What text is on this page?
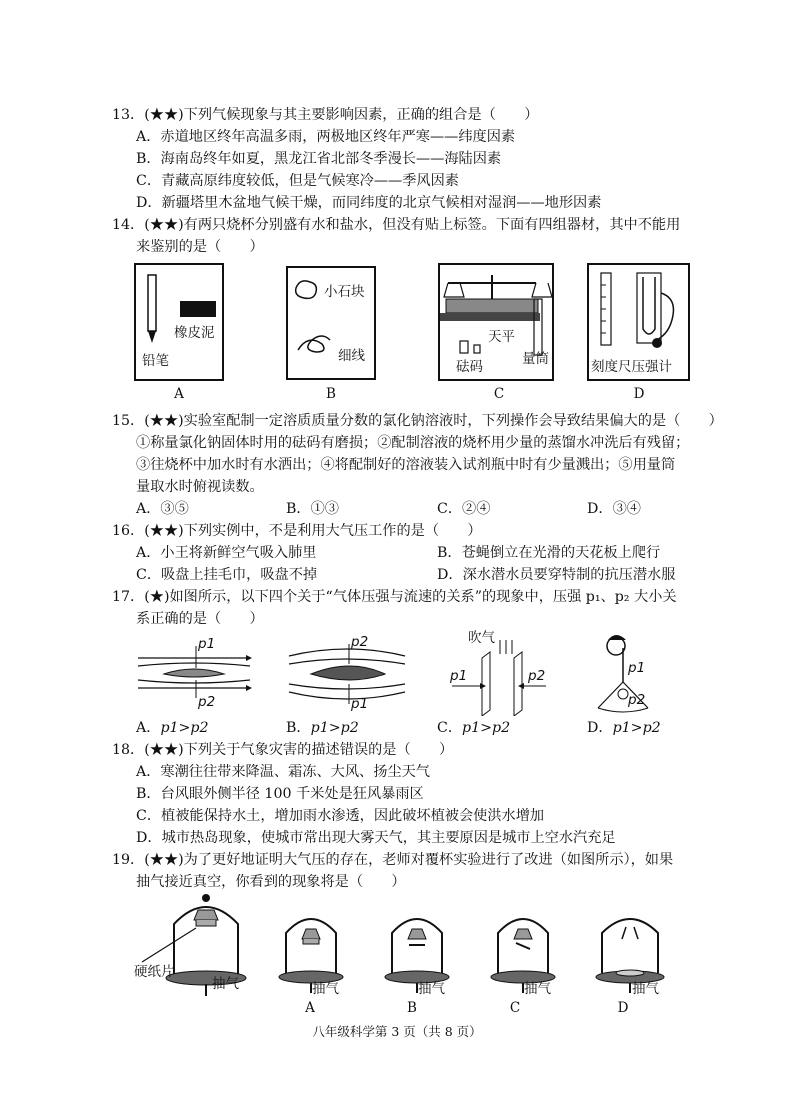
13．(★★)下列气候现象与其主要影响因素，正确的组合是（　　）
A．赤道地区终年高温多雨，两极地区终年严寒——纬度因素
B．海南岛终年如夏，黑龙江省北部冬季漫长——海陆因素
C．青藏高原纬度较低，但是气候寒冷——季风因素
D．新疆塔里木盆地气候干燥，而同纬度的北京气候相对湿润——地形因素
14．(★★)有两只烧杯分别盛有水和盐水，但没有贴上标签。下面有四组器材，其中不能用
来鉴别的是（　　）
橡皮泥
铅笔
A
小石块
细线
B
天平
砝码	量筒
C
刻度尺压强计
D
15．(★★)实验室配制一定溶质质量分数的氯化钠溶液时，下列操作会导致结果偏大的是（　　）
①称量氯化钠固体时用的砝码有磨损；②配制溶液的烧杯用少量的蒸馏水冲洗后有残留；
③往烧杯中加水时有水洒出；④将配制好的溶液装入试剂瓶中时有少量溅出；⑤用量筒
量取水时俯视读数。
A．③⑤	B．①③	C．②④	D．③④
16．(★★)下列实例中，不是利用大气压工作的是（　　）
A．小王将新鲜空气吸入肺里	B．苍蝇倒立在光滑的天花板上爬行
C．吸盘上挂毛巾，吸盘不掉	D．深水潜水员要穿特制的抗压潜水服
17．(★)如图所示，以下四个关于“气体压强与流速的关系”的现象中，压强 p₁、p₂ 大小关
系正确的是（　　）
p1
p2
p2
p1
吹气
p1	p2	p1
p2
A．p1>p2	B．p1>p2	C．p1>p2	D．p1>p2
18．(★★)下列关于气象灾害的描述错误的是（　　）
A．寒潮往往带来降温、霜冻、大风、扬尘天气
B．台风眼外侧半径 100 千米处是狂风暴雨区
C．植被能保持水土，增加雨水渗透，因此破坏植被会使洪水增加
D．城市热岛现象，使城市常出现大雾天气，其主要原因是城市上空水汽充足
19．(★★)为了更好地证明大气压的存在，老师对覆杯实验进行了改进（如图所示），如果
抽气接近真空，你看到的现象将是（　　）
硬纸片
抽气	抽气
A
抽气
B
抽气
C
抽气
D
八年级科学第 3 页（共 8 页）
